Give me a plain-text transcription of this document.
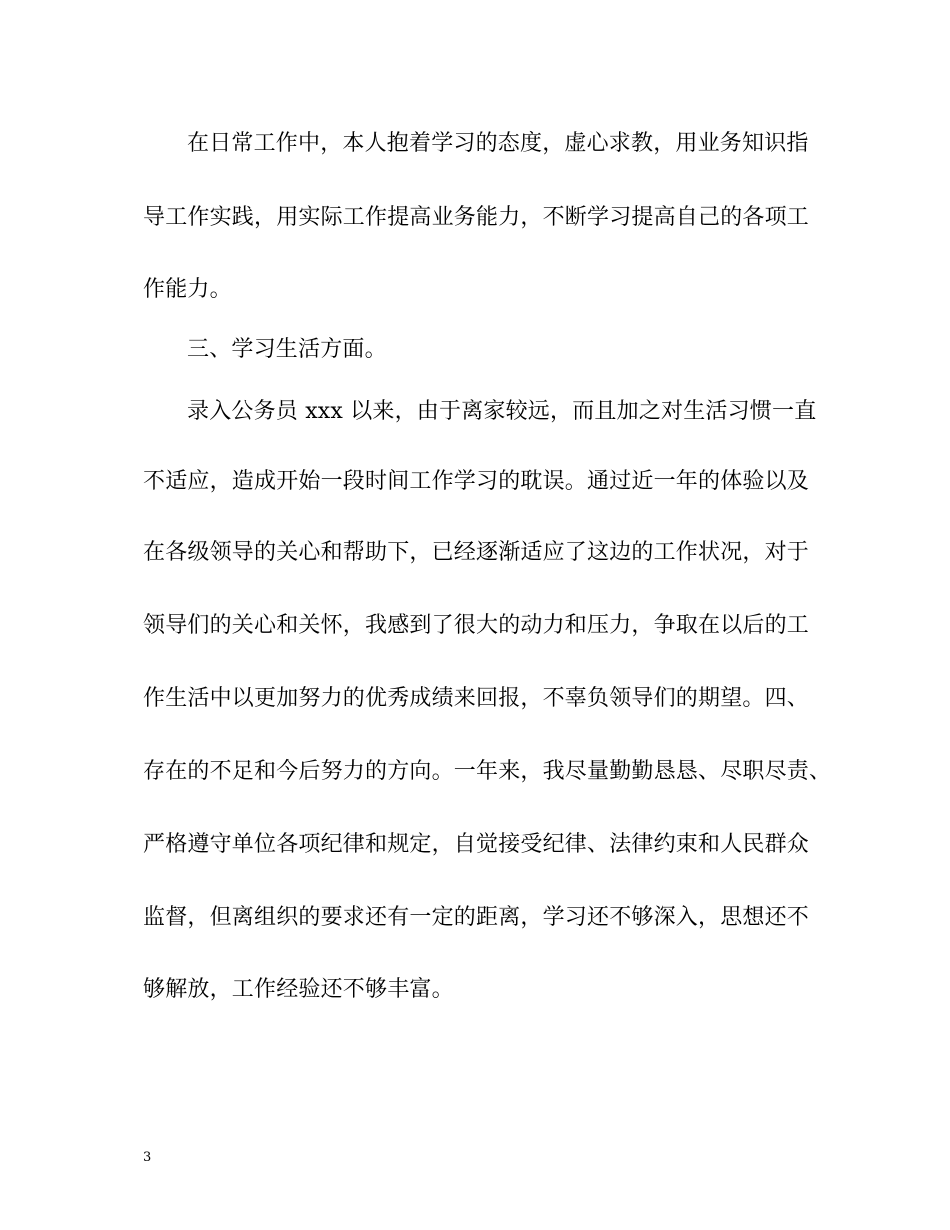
在日常工作中，本人抱着学习的态度，虚心求教，用业务知识指
导工作实践，用实际工作提高业务能力，不断学习提高自己的各项工
作能力。
三、学习生活方面。
录入公务员 xxx 以来，由于离家较远，而且加之对生活习惯一直
不适应，造成开始一段时间工作学习的耽误。通过近一年的体验以及
在各级领导的关心和帮助下，已经逐渐适应了这边的工作状况，对于
领导们的关心和关怀，我感到了很大的动力和压力，争取在以后的工
作生活中以更加努力的优秀成绩来回报，不辜负领导们的期望。四、
存在的不足和今后努力的方向。一年来，我尽量勤勤恳恳、尽职尽责、
严格遵守单位各项纪律和规定，自觉接受纪律、法律约束和人民群众
监督，但离组织的要求还有一定的距离，学习还不够深入，思想还不
够解放，工作经验还不够丰富。
3
